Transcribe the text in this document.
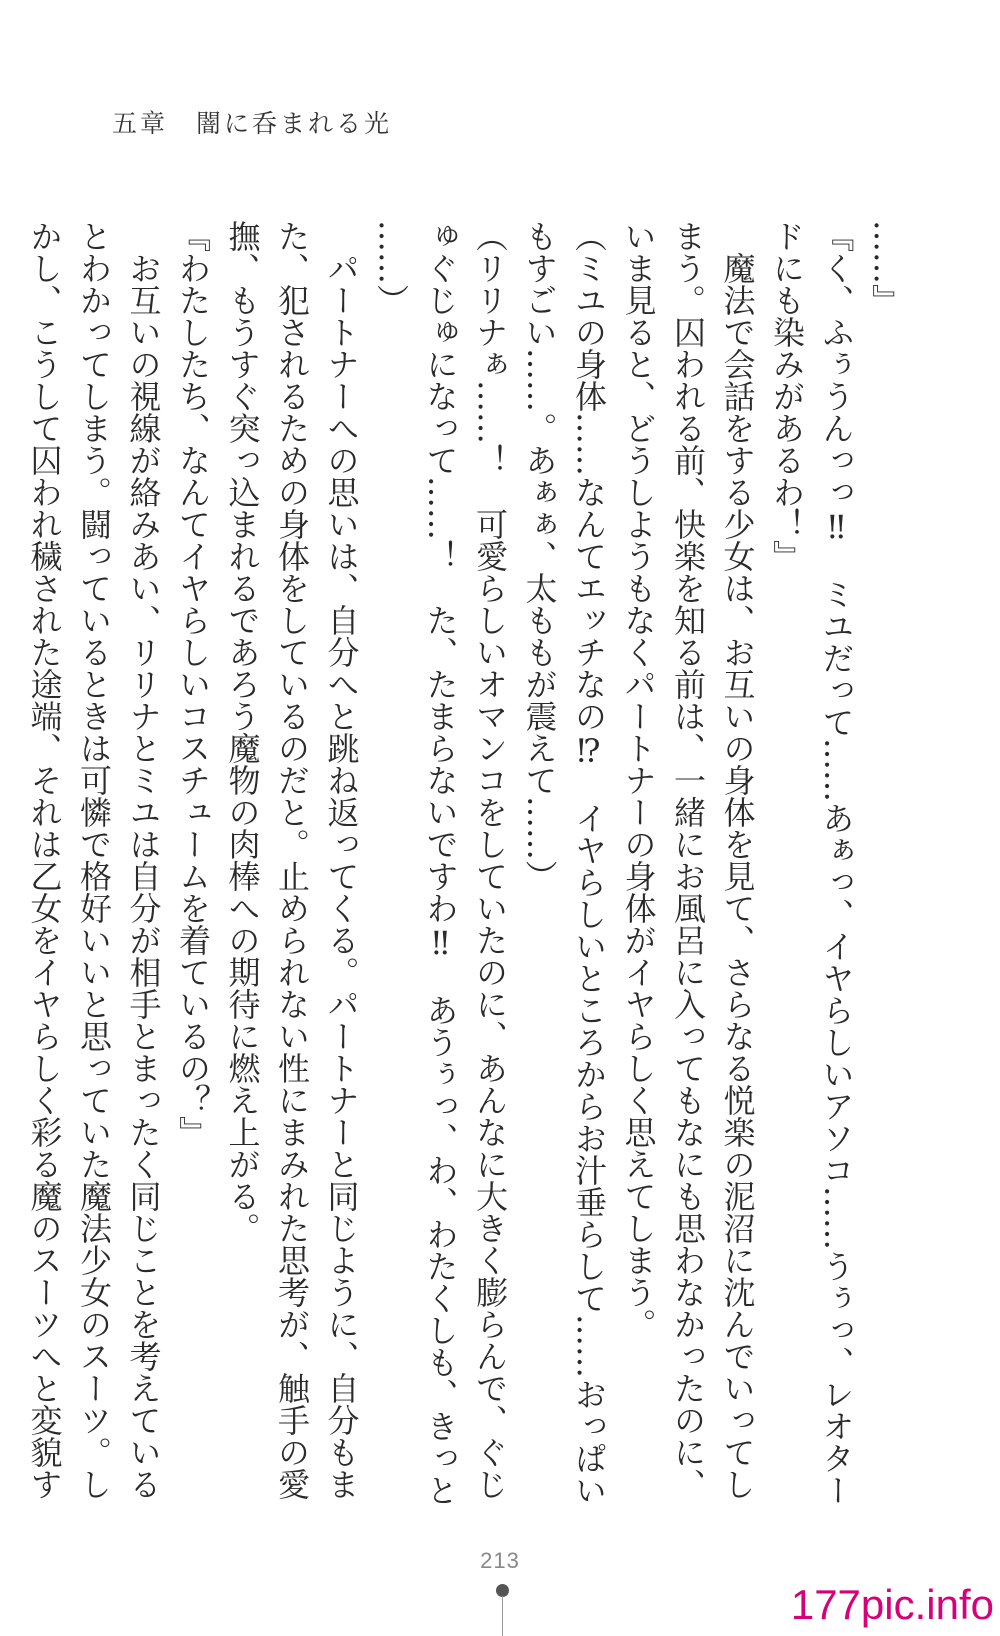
五章　闇に呑まれる光
……』
『く、ふぅうんっっ‼　ミユだって……あぁっ、イヤらしいアソコ……うぅっ、レオター
ドにも染みがあるわ！』
　魔法で会話をする少女は、お互いの身体を見て、さらなる悦楽の泥沼に沈んでいってし
まう。囚われる前、快楽を知る前は、一緒にお風呂に入ってもなにも思わなかったのに、
いま見ると、どうしようもなくパートナーの身体がイヤらしく思えてしまう。
（ミユの身体……なんてエッチなの⁉　イヤらしいところからお汁垂らして……おっぱい
もすごい……。あぁぁ、太ももが震えて……）
（リリナぁ……！　可愛らしいオマンコをしていたのに、あんなに大きく膨らんで、ぐじ
ゅぐじゅになって……！　た、たまらないですわ‼　あうぅっ、わ、わたくしも、きっと
……）
　パートナーへの思いは、自分へと跳ね返ってくる。パートナーと同じように、自分もま
た、犯されるための身体をしているのだと。止められない性にまみれた思考が、触手の愛
撫、もうすぐ突っ込まれるであろう魔物の肉棒への期待に燃え上がる。
『わたしたち、なんてイヤらしいコスチュームを着ているの？』
　お互いの視線が絡みあい、リリナとミユは自分が相手とまったく同じことを考えている
とわかってしまう。闘っているときは可憐で格好いいと思っていた魔法少女のスーツ。し
かし、こうして囚われ穢された途端、それは乙女をイヤらしく彩る魔のスーツへと変貌す
213
177pic.info
